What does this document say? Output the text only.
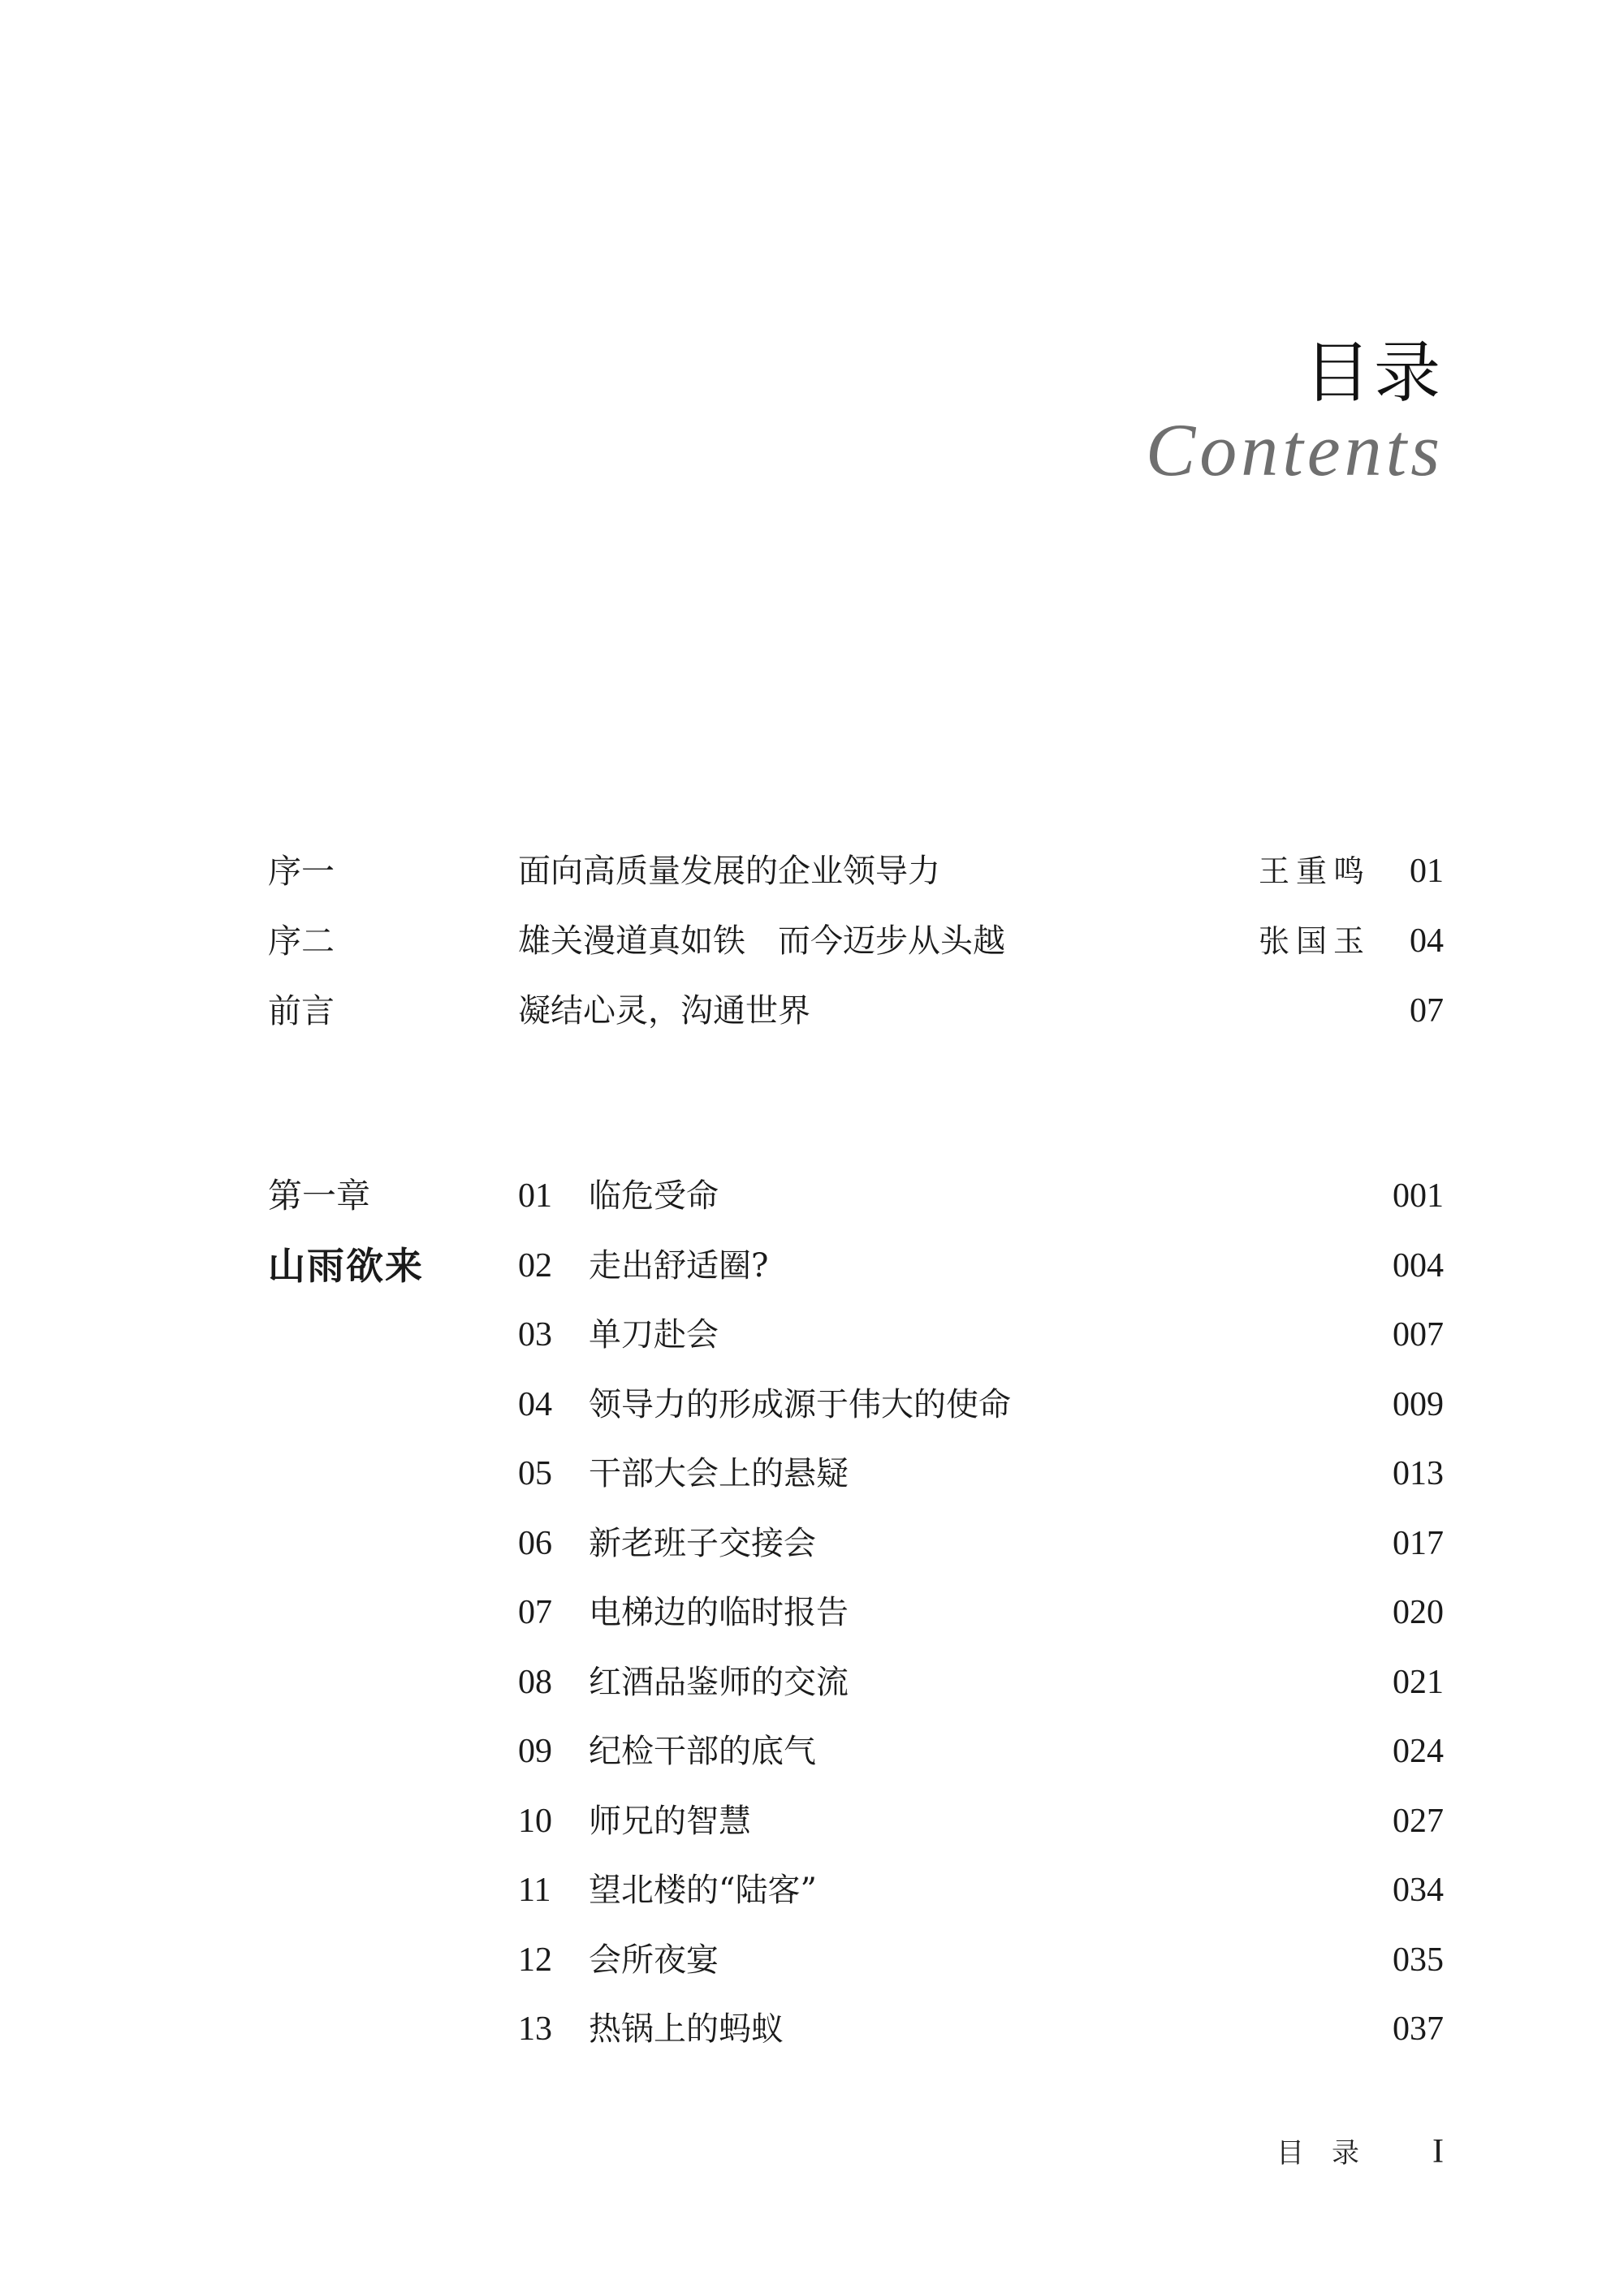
目录
Contents
序一	面向高质量发展的企业领导力	王重鸣 01
序二	雄关漫道真如铁　而今迈步从头越	张国玉 04
前言	凝结心灵，沟通世界	07
第一章
山雨欲来
01 临危受命	001
02 走出舒适圈?	004
03 单刀赴会	007
04 领导力的形成源于伟大的使命	009
05 干部大会上的悬疑	013
06 新老班子交接会	017
07 电梯边的临时报告	020
08 红酒品鉴师的交流	021
09 纪检干部的底气	024
10 师兄的智慧	027
11 望北楼的“陆客”	034
12 会所夜宴	035
13 热锅上的蚂蚁	037
目录 I
